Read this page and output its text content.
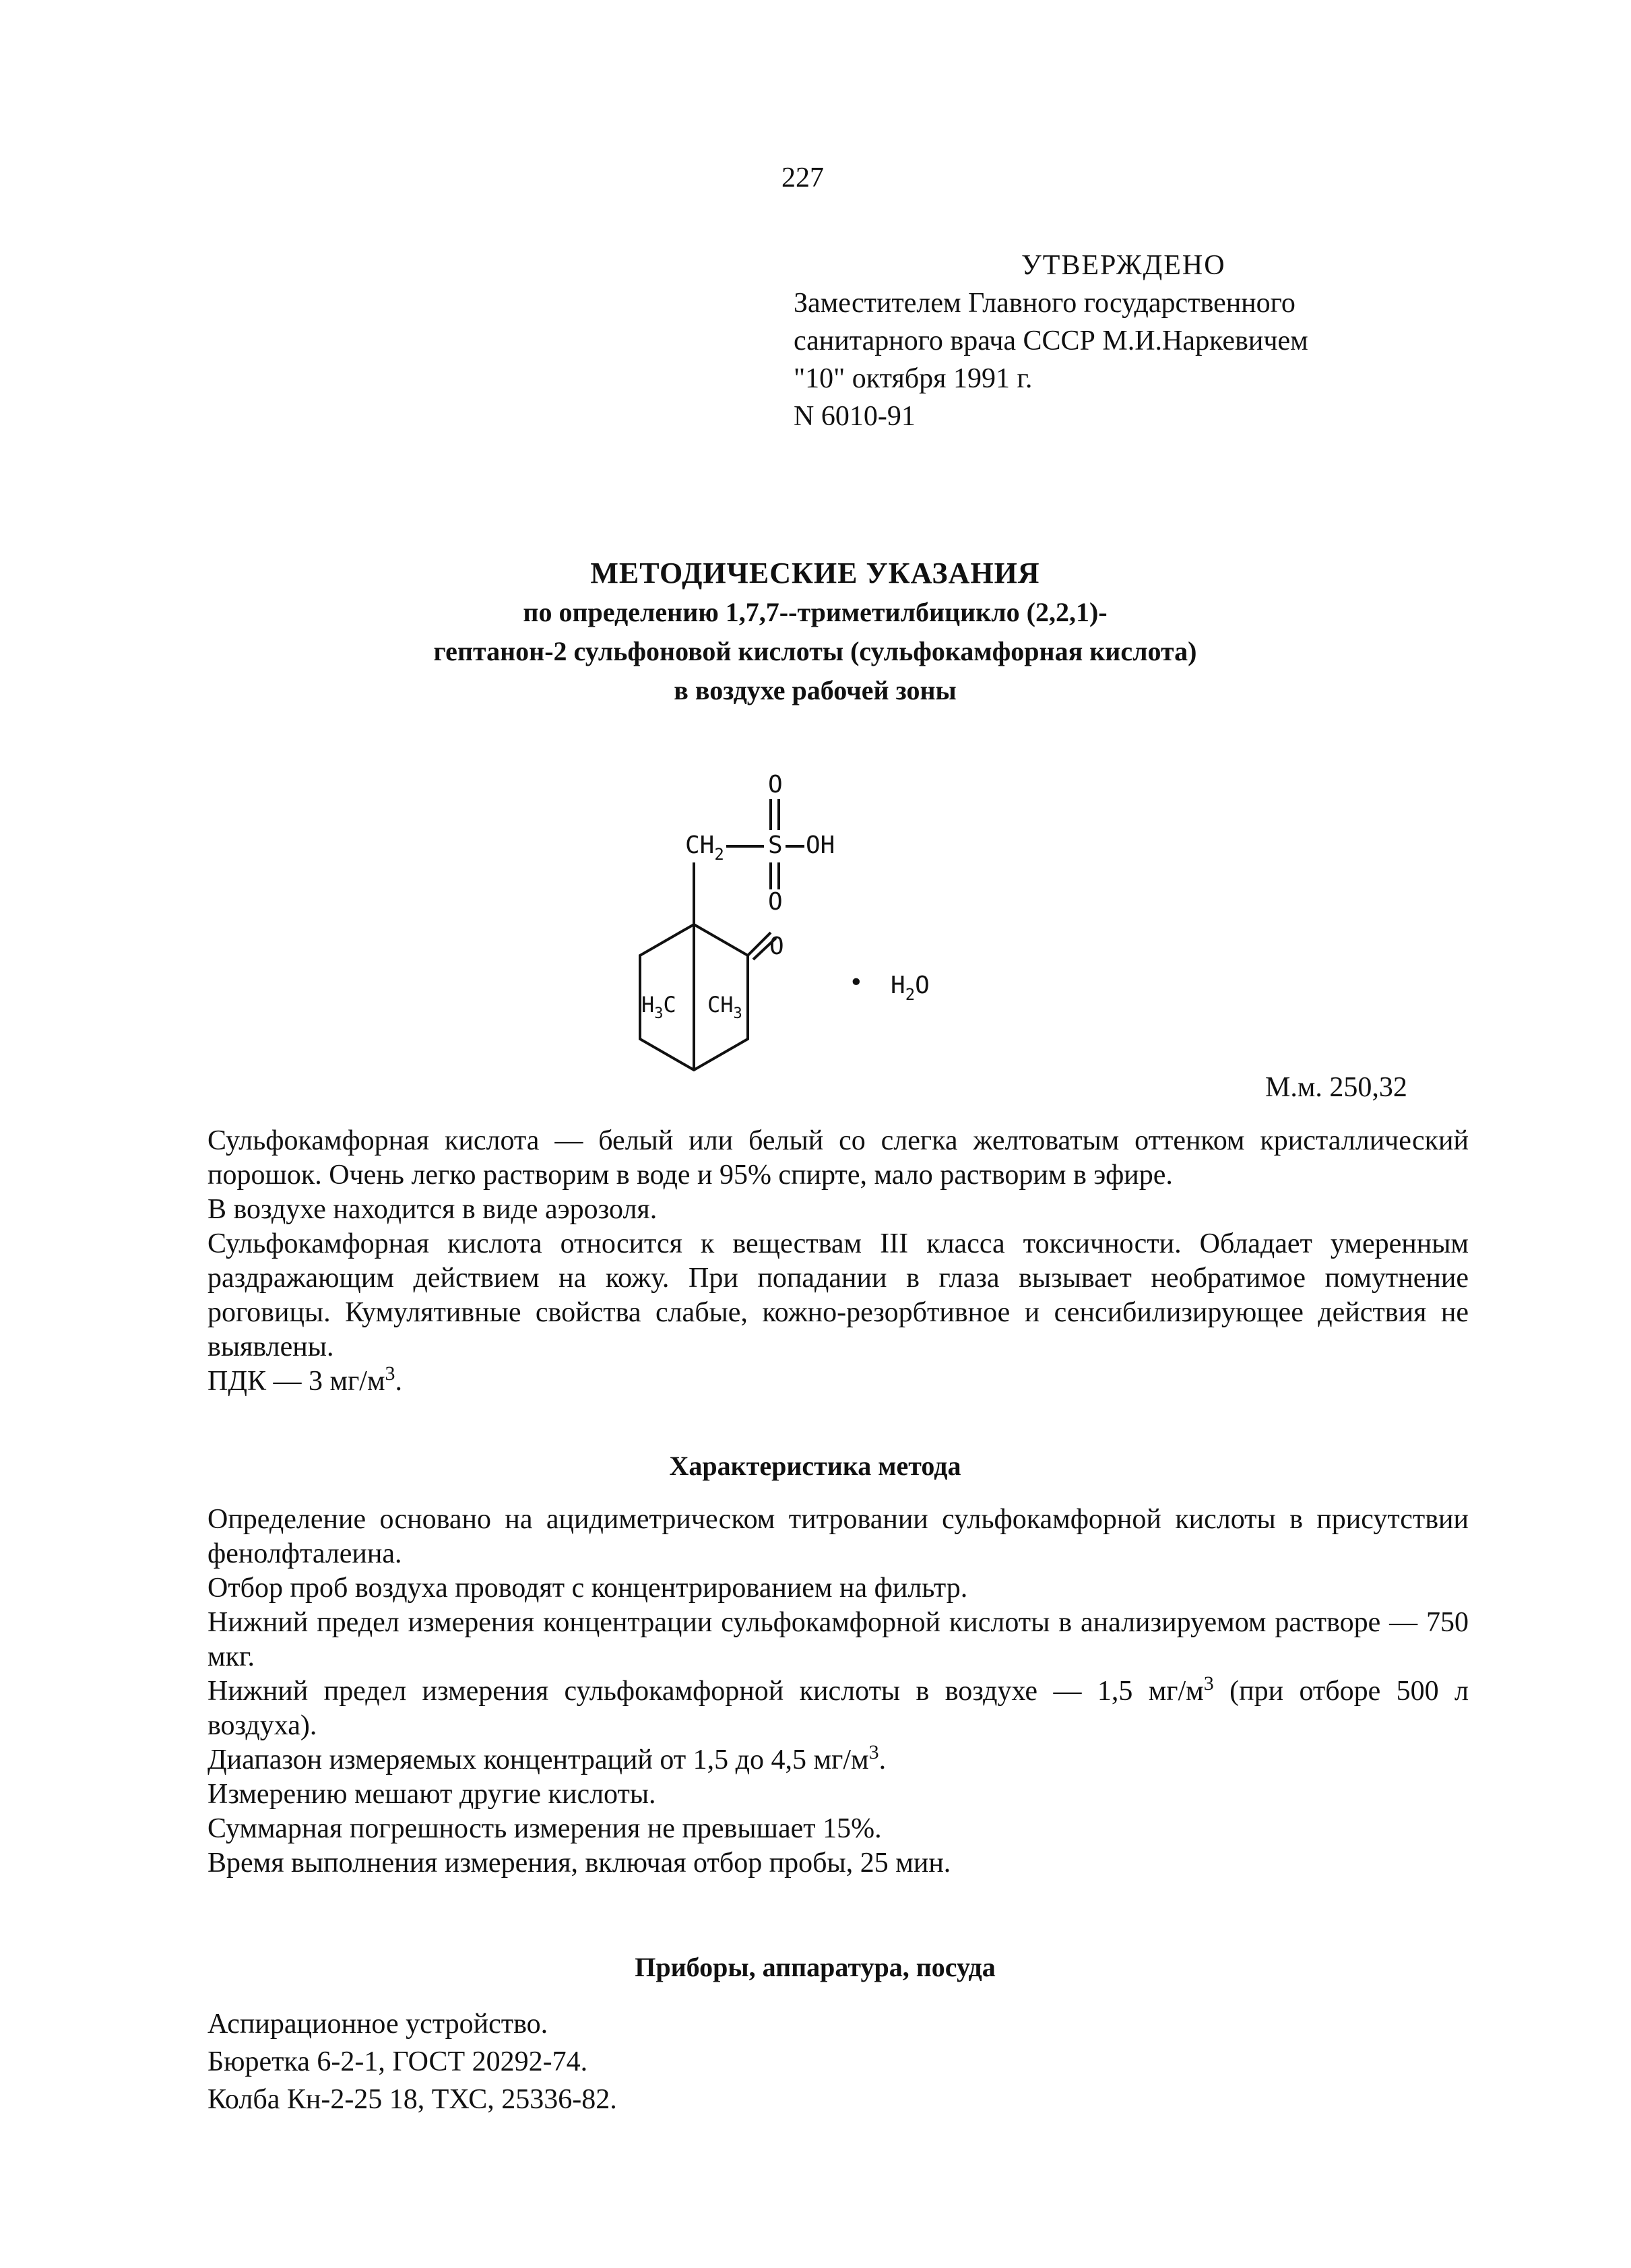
227
УТВЕРЖДЕНО
Заместителем Главного государственного
санитарного врача СССР М.И.Наркевичем
"10" октября 1991 г.
N 6010-91
МЕТОДИЧЕСКИЕ УКАЗАНИЯ
по определению 1,7,7--триметилбицикло (2,2,1)-
гептанон-2 сульфоновой кислоты (сульфокамфорная кислота)
в воздухе рабочей зоны
O
$CH_2$ S OH
O
O
$H_3C$ $CH_3$
• $H_2O$
М.м. 250,32
Сульфокамфорная кислота — белый или белый со слегка желтоватым оттенком кристаллический порошок. Очень легко растворим в воде и 95% спирте, мало растворим в эфире.
В воздухе находится в виде аэрозоля.
Сульфокамфорная кислота относится к веществам III класса токсичности. Обладает умеренным раздражающим действием на кожу. При попадании в глаза вызывает необратимое помутнение роговицы. Кумулятивные свойства слабые, кожно-резорбтивное и сенсибилизирующее действия не выявлены.
ПДК — 3 $мг/м^3$.
Характеристика метода
Определение основано на ацидиметрическом титровании сульфокамфорной кислоты в присутствии фенолфталеина.
Отбор проб воздуха проводят с концентрированием на фильтр.
Нижний предел измерения концентрации сульфокамфорной кислоты в анализируемом растворе — 750 мкг.
Нижний предел измерения сульфокамфорной кислоты в воздухе — 1,5 $мг/м^3$ (при отборе 500 л воздуха).
Диапазон измеряемых концентраций от 1,5 до 4,5 $мг/м^3$.
Измерению мешают другие кислоты.
Суммарная погрешность измерения не превышает 15%.
Время выполнения измерения, включая отбор пробы, 25 мин.
Приборы, аппаратура, посуда
Аспирационное устройство.
Бюретка 6-2-1, ГОСТ 20292-74.
Колба Кн-2-25 18, ТХС, 25336-82.
